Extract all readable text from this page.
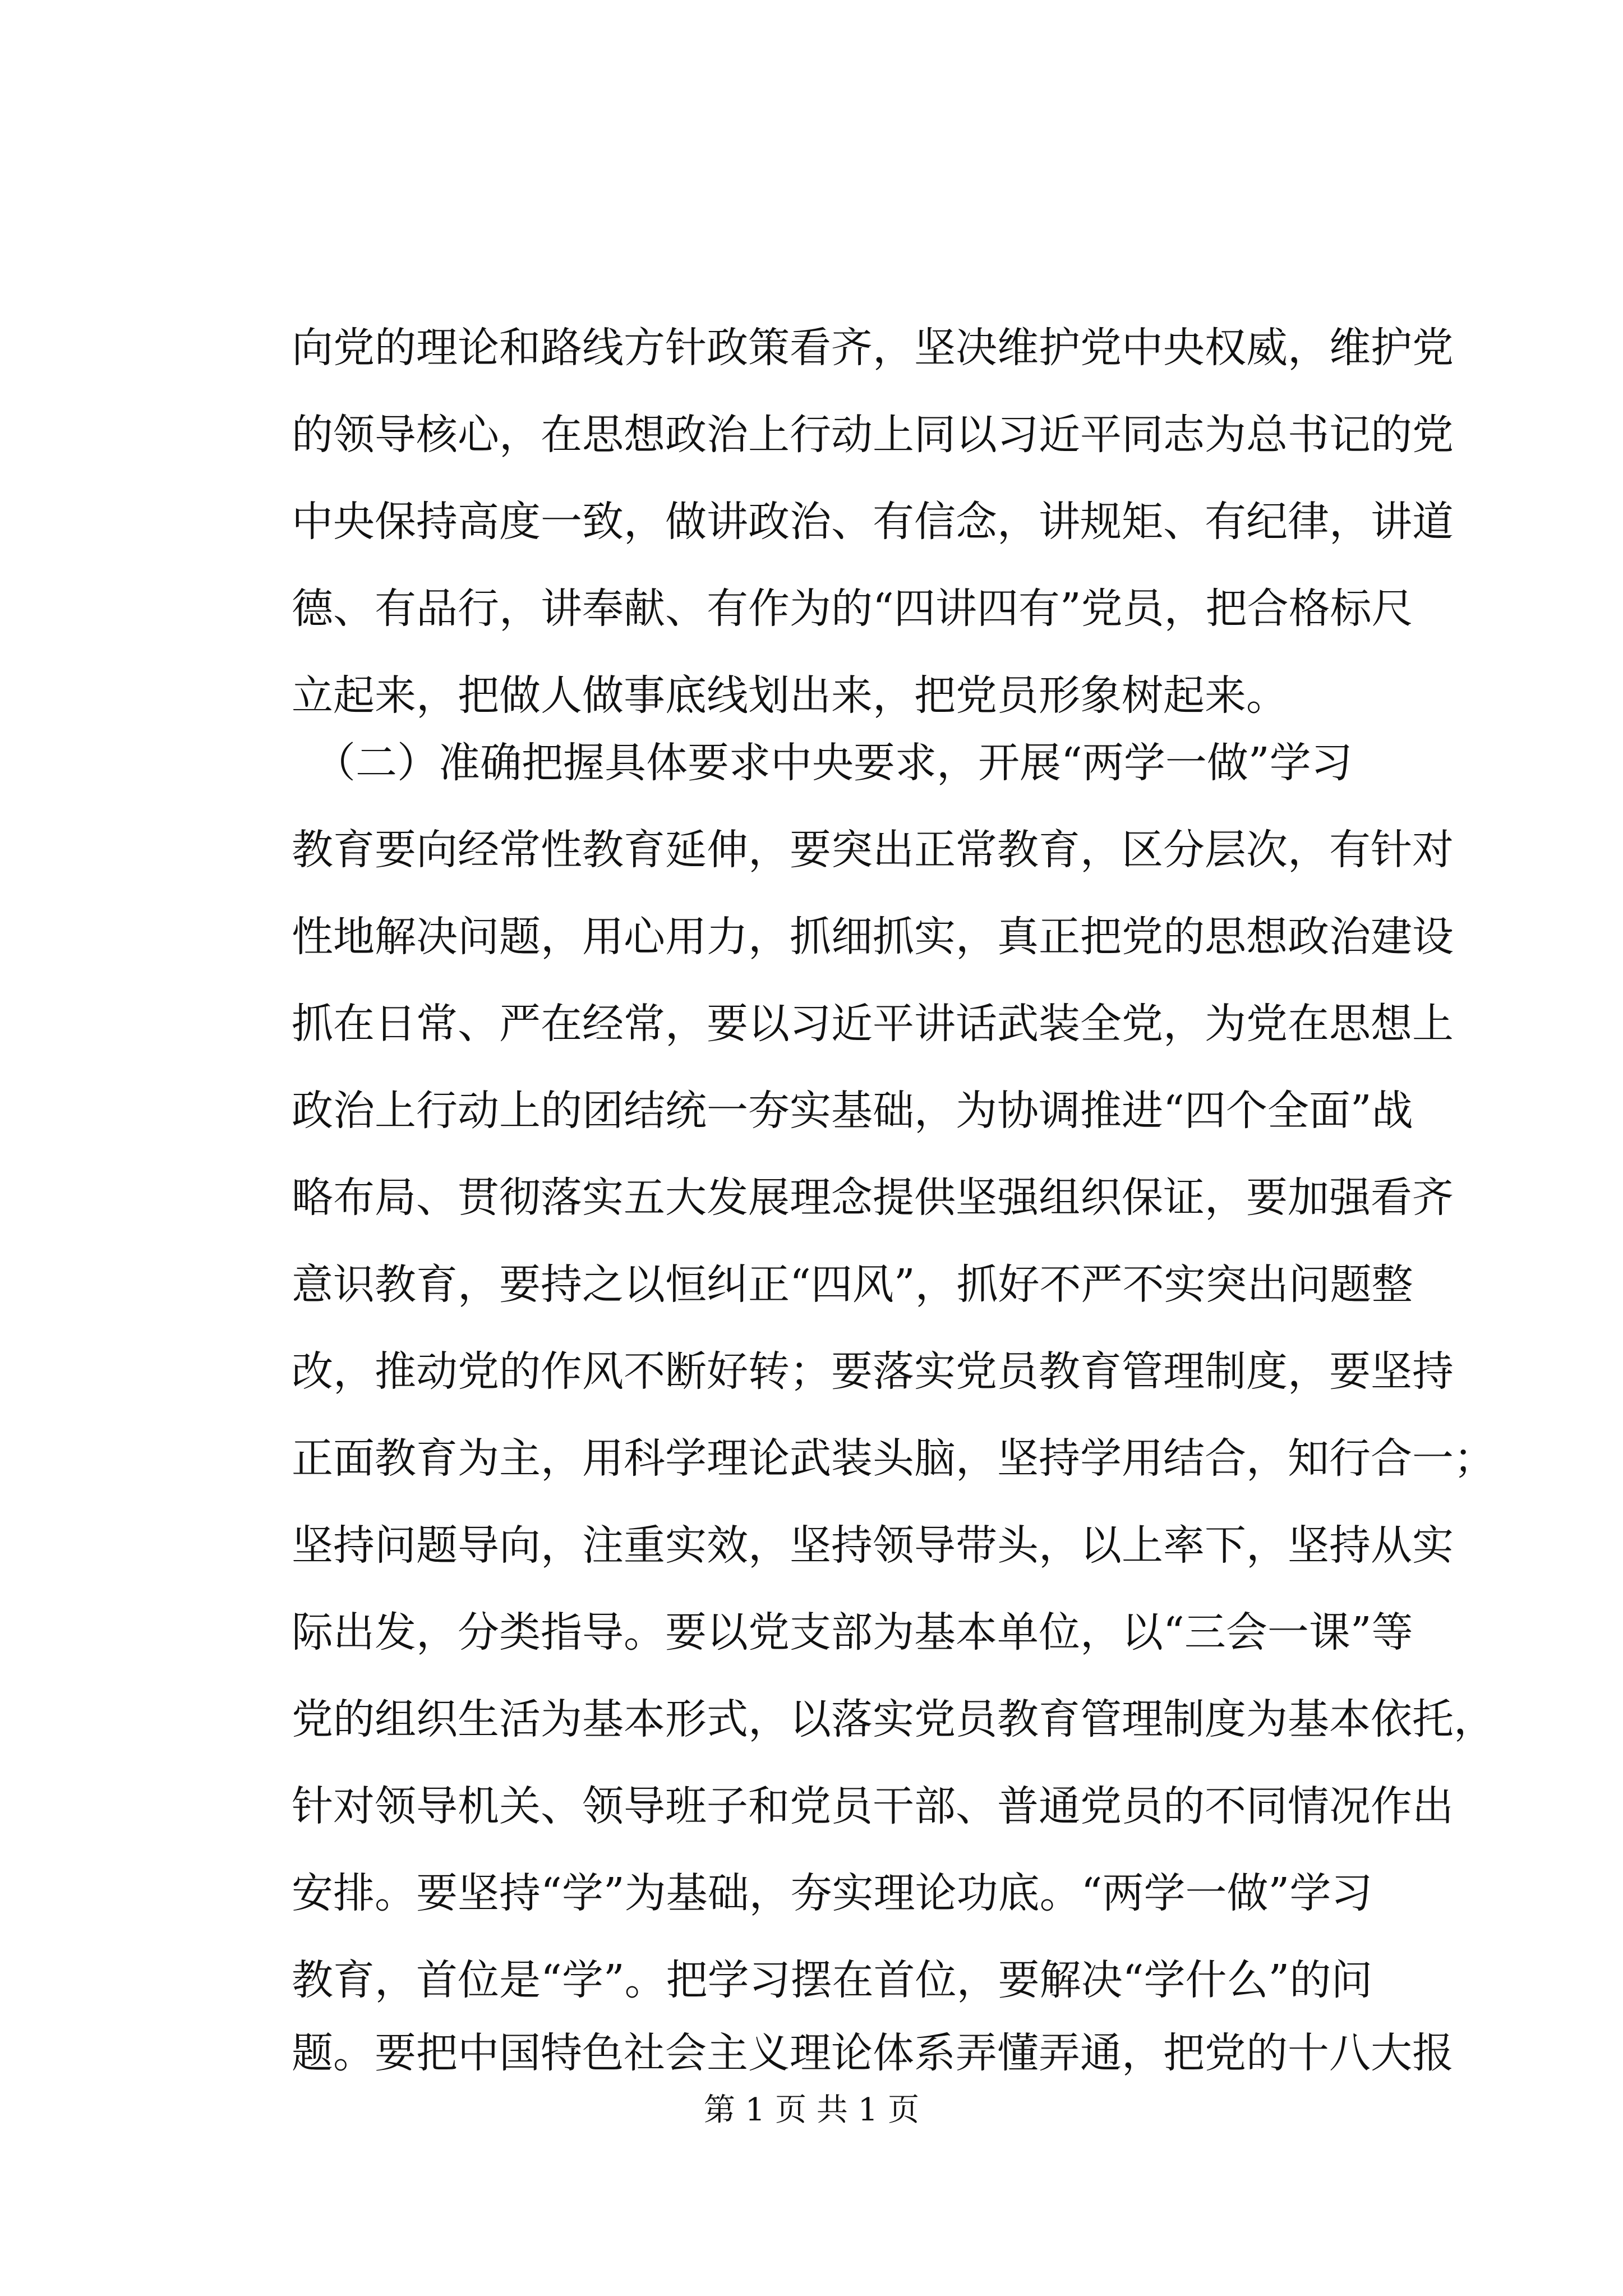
向党的理论和路线方针政策看齐，坚决维护党中央权威，维护党
的领导核心，在思想政治上行动上同以习近平同志为总书记的党
中央保持高度一致，做讲政治、有信念，讲规矩、有纪律，讲道
德、有品行，讲奉献、有作为的“四讲四有”党员，把合格标尺
立起来，把做人做事底线划出来，把党员形象树起来。
（二）准确把握具体要求中央要求，开展“两学一做”学习
教育要向经常性教育延伸，要突出正常教育，区分层次，有针对
性地解决问题，用心用力，抓细抓实，真正把党的思想政治建设
抓在日常、严在经常，要以习近平讲话武装全党，为党在思想上
政治上行动上的团结统一夯实基础，为协调推进“四个全面”战
略布局、贯彻落实五大发展理念提供坚强组织保证，要加强看齐
意识教育，要持之以恒纠正“四风”，抓好不严不实突出问题整
改，推动党的作风不断好转；要落实党员教育管理制度，要坚持
正面教育为主，用科学理论武装头脑，坚持学用结合，知行合一；
坚持问题导向，注重实效，坚持领导带头，以上率下，坚持从实
际出发，分类指导。要以党支部为基本单位，以“三会一课”等
党的组织生活为基本形式，以落实党员教育管理制度为基本依托，
针对领导机关、领导班子和党员干部、普通党员的不同情况作出
安排。要坚持“学”为基础，夯实理论功底。“两学一做”学习
教育，首位是“学”。把学习摆在首位，要解决“学什么”的问
题。要把中国特色社会主义理论体系弄懂弄通，把党的十八大报
第 1 页 共 1 页
